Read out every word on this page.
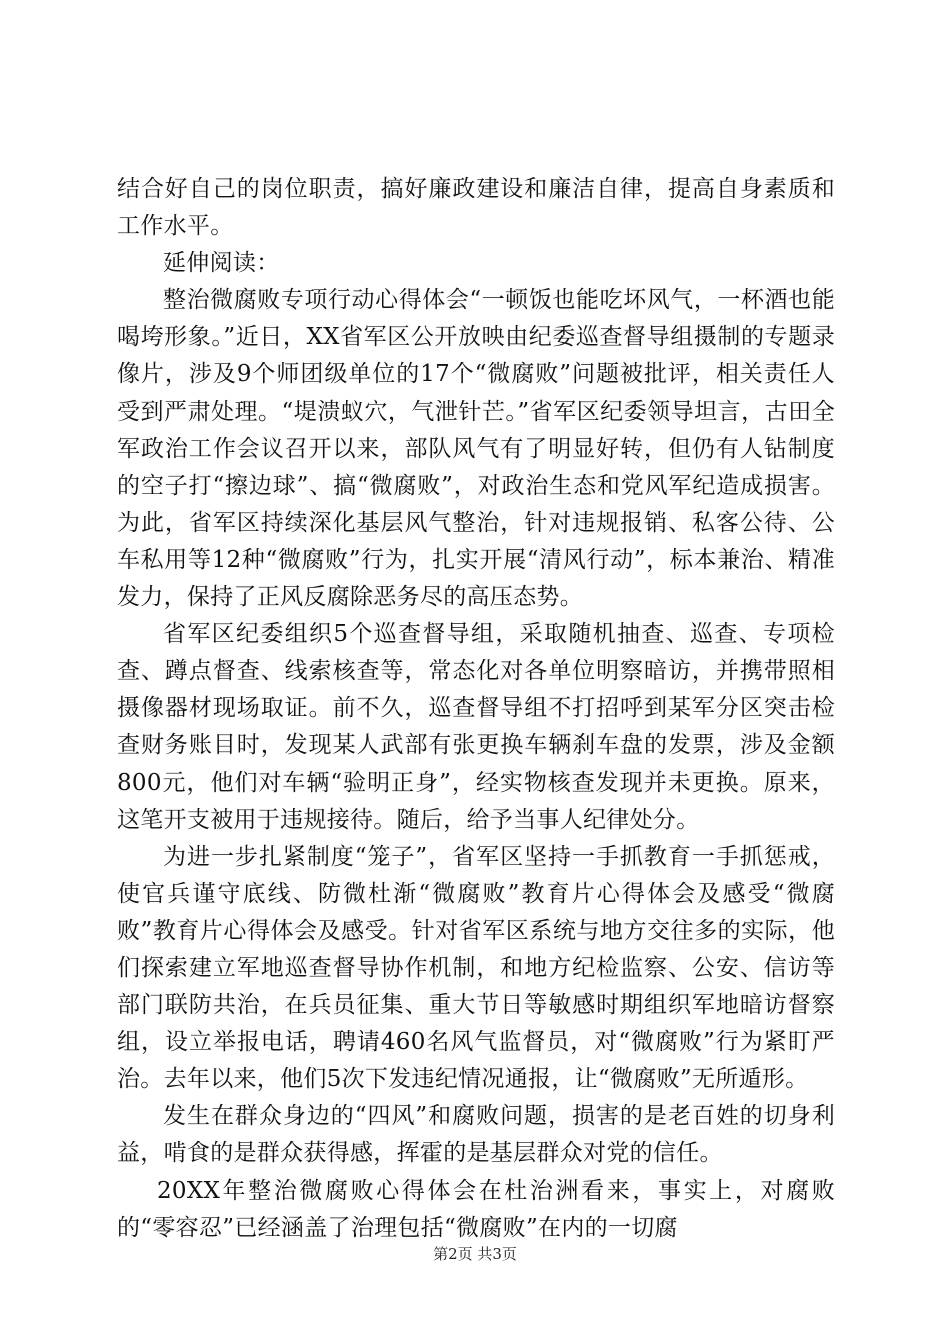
结合好自己的岗位职责，搞好廉政建设和廉洁自律，提高自身素质和工作水平。

延伸阅读：

整治微腐败专项行动心得体会“一顿饭也能吃坏风气，一杯酒也能喝垮形象。”近日，XX省军区公开放映由纪委巡查督导组摄制的专题录像片，涉及9个师团级单位的17个“微腐败”问题被批评，相关责任人受到严肃处理。“堤溃蚁穴，气泄针芒。”省军区纪委领导坦言，古田全军政治工作会议召开以来，部队风气有了明显好转，但仍有人钻制度的空子打“擦边球”、搞“微腐败”，对政治生态和党风军纪造成损害。为此，省军区持续深化基层风气整治，针对违规报销、私客公待、公车私用等12种“微腐败”行为，扎实开展“清风行动”，标本兼治、精准发力，保持了正风反腐除恶务尽的高压态势。

省军区纪委组织5个巡查督导组，采取随机抽查、巡查、专项检查、蹲点督查、线索核查等，常态化对各单位明察暗访，并携带照相摄像器材现场取证。前不久，巡查督导组不打招呼到某军分区突击检查财务账目时，发现某人武部有张更换车辆刹车盘的发票，涉及金额800元，他们对车辆“验明正身”，经实物核查发现并未更换。原来，这笔开支被用于违规接待。随后，给予当事人纪律处分。

为进一步扎紧制度“笼子”，省军区坚持一手抓教育一手抓惩戒，使官兵谨守底线、防微杜渐“微腐败”教育片心得体会及感受“微腐败”教育片心得体会及感受。针对省军区系统与地方交往多的实际，他们探索建立军地巡查督导协作机制，和地方纪检监察、公安、信访等部门联防共治，在兵员征集、重大节日等敏感时期组织军地暗访督察组，设立举报电话，聘请460名风气监督员，对“微腐败”行为紧盯严治。去年以来，他们5次下发违纪情况通报，让“微腐败”无所遁形。

发生在群众身边的“四风”和腐败问题，损害的是老百姓的切身利益，啃食的是群众获得感，挥霍的是基层群众对党的信任。

20XX年整治微腐败心得体会在杜治洲看来，事实上，对腐败的“零容忍”已经涵盖了治理包括“微腐败”在内的一切腐

第2页 共3页
